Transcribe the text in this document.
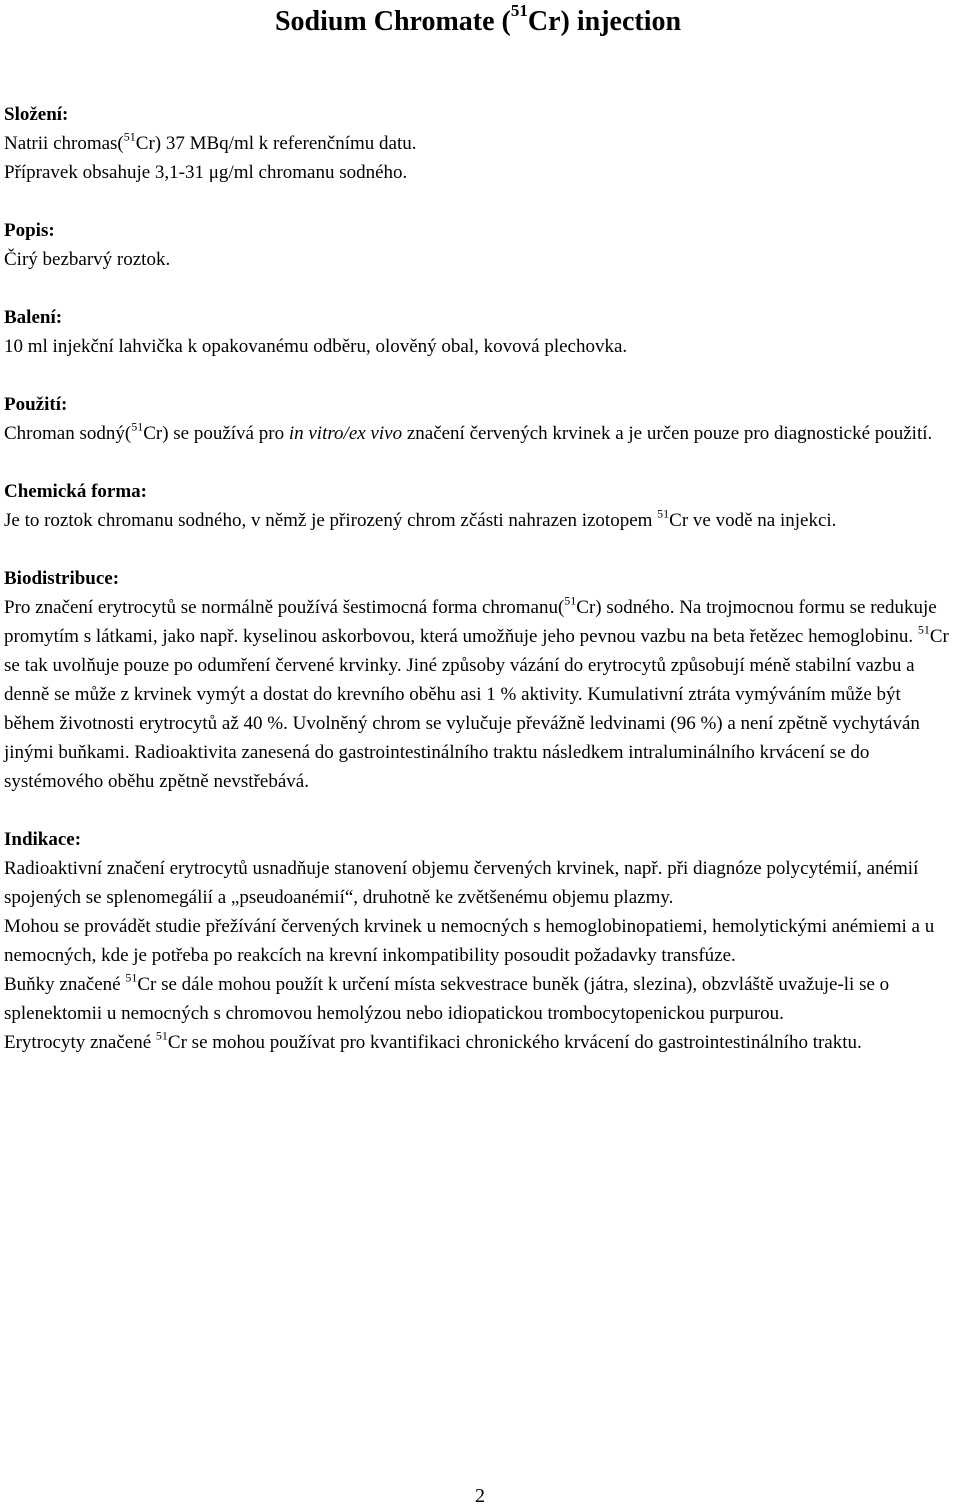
Sodium Chromate ($^{51}$Cr) injection
Složení:
Natrii chromas($^{51}$Cr) 37 MBq/ml k referenčnímu datu.
Přípravek obsahuje 3,1-31 μg/ml chromanu sodného.
Popis:
Čirý bezbarvý roztok.
Balení:
10 ml injekční lahvička k opakovanému odběru, olověný obal, kovová plechovka.
Použití:
Chroman sodný($^{51}$Cr) se používá pro in vitro/ex vivo značení červených krvinek a je určen pouze pro diagnostické použití.
Chemická forma:
Je to roztok chromanu sodného, v němž je přirozený chrom zčásti nahrazen izotopem $^{51}$Cr ve vodě na injekci.
Biodistribuce:
Pro značení erytrocytů se normálně používá šestimocná forma chromanu($^{51}$Cr) sodného. Na trojmocnou formu se redukuje promytím s látkami, jako např. kyselinou askorbovou, která umožňuje jeho pevnou vazbu na beta řetězec hemoglobinu. $^{51}$Cr se tak uvolňuje pouze po odumření červené krvinky. Jiné způsoby vázání do erytrocytů způsobují méně stabilní vazbu a denně se může z krvinek vymýt a dostat do krevního oběhu asi 1 % aktivity. Kumulativní ztráta vymýváním může být během životnosti erytrocytů až 40 %. Uvolněný chrom se vylučuje převážně ledvinami (96 %) a není zpětně vychytáván jinými buňkami. Radioaktivita zanesená do gastrointestinálního traktu následkem intraluminálního krvácení se do systémového oběhu zpětně nevstřebává.
Indikace:
Radioaktivní značení erytrocytů usnadňuje stanovení objemu červených krvinek, např. při diagnóze polycytémií, anémií spojených se splenomegálií a „pseudoanémií“, druhotně ke zvětšenému objemu plazmy.
Mohou se provádět studie přežívání červených krvinek u nemocných s hemoglobinopatiemi, hemolytickými anémiemi a u nemocných, kde je potřeba po reakcích na krevní inkompatibility posoudit požadavky transfúze.
Buňky značené $^{51}$Cr se dále mohou použít k určení místa sekvestrace buněk (játra, slezina), obzvláště uvažuje-li se o splenektomii u nemocných s chromovou hemolýzou nebo idiopatickou trombocytopenickou purpurou.
Erytrocyty značené $^{51}$Cr se mohou používat pro kvantifikaci chronického krvácení do gastrointestinálního traktu.
2
